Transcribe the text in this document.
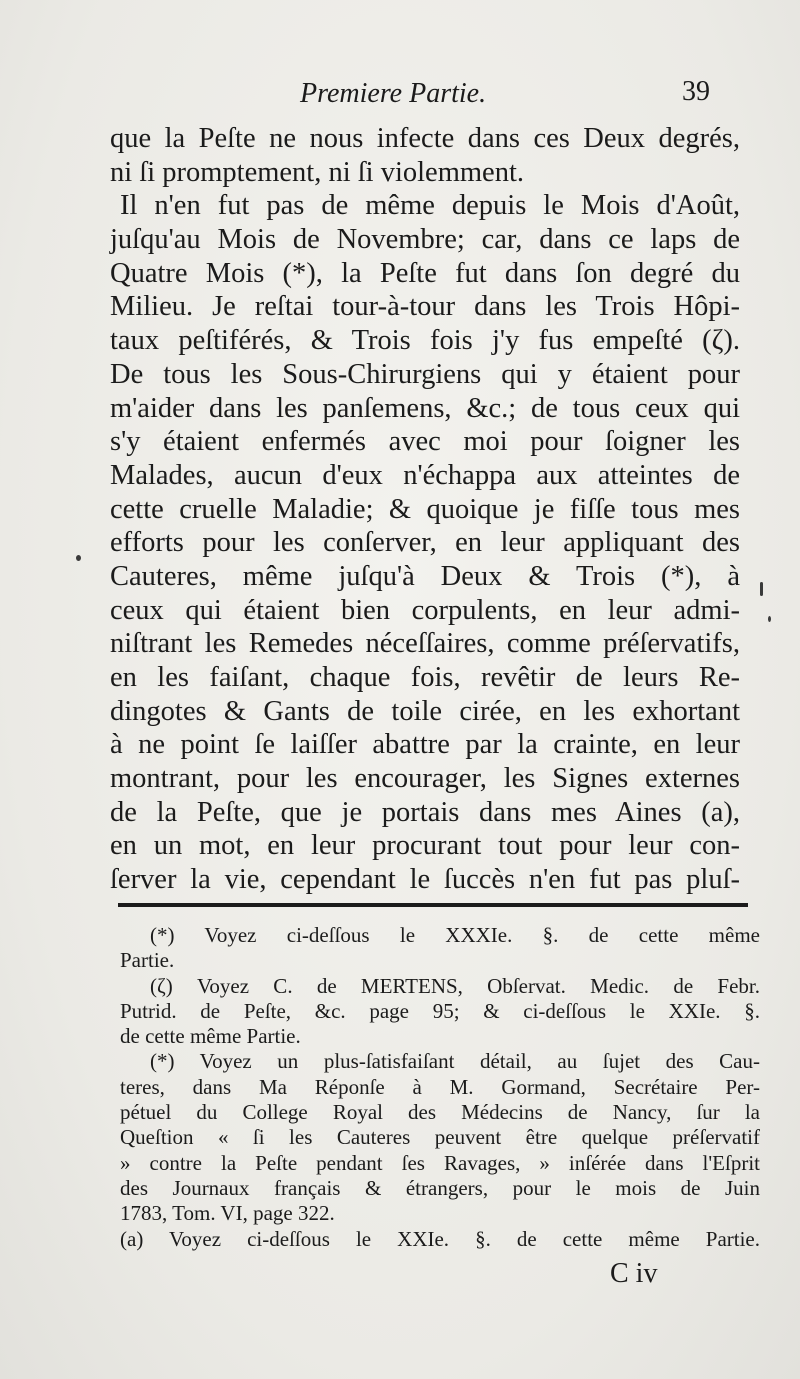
Premiere Partie.	39
que la Peſte ne nous infecte dans ces Deux degrés,
ni ſi promptement, ni ſi violemment.
Il n'en fut pas de même depuis le Mois d'Août,
juſqu'au Mois de Novembre; car, dans ce laps de
Quatre Mois (*), la Peſte fut dans ſon degré du
Milieu. Je reſtai tour-à-tour dans les Trois Hôpi-
taux peſtiférés, & Trois fois j'y fus empeſté (ζ).
De tous les Sous-Chirurgiens qui y étaient pour
m'aider dans les panſemens, &c.; de tous ceux qui
s'y étaient enfermés avec moi pour ſoigner les
Malades, aucun d'eux n'échappa aux atteintes de
cette cruelle Maladie; & quoique je fiſſe tous mes
efforts pour les conſerver, en leur appliquant des
Cauteres, même juſqu'à Deux & Trois (*), à
ceux qui étaient bien corpulents, en leur admi-
niſtrant les Remedes néceſſaires, comme préſervatifs,
en les faiſant, chaque fois, revêtir de leurs Re-
dingotes & Gants de toile cirée, en les exhortant
à ne point ſe laiſſer abattre par la crainte, en leur
montrant, pour les encourager, les Signes externes
de la Peſte, que je portais dans mes Aines (a),
en un mot, en leur procurant tout pour leur con-
ſerver la vie, cependant le ſuccès n'en fut pas pluſ-
(*) Voyez ci-deſſous le XXXIe. §. de cette même
Partie.
(ζ) Voyez C. de MERTENS, Obſervat. Medic. de Febr.
Putrid. de Peſte, &c. page 95; & ci-deſſous le XXIe. §.
de cette même Partie.
(*) Voyez un plus-ſatisfaiſant détail, au ſujet des Cau-
teres, dans Ma Réponſe à M. Gormand, Secrétaire Per-
pétuel du College Royal des Médecins de Nancy, ſur la
Queſtion « ſi les Cauteres peuvent être quelque préſervatif
» contre la Peſte pendant ſes Ravages, » inſérée dans l'Eſprit
des Journaux français & étrangers, pour le mois de Juin
1783, Tom. VI, page 322.
(a) Voyez ci-deſſous le XXIe. §. de cette même Partie.
C iv
